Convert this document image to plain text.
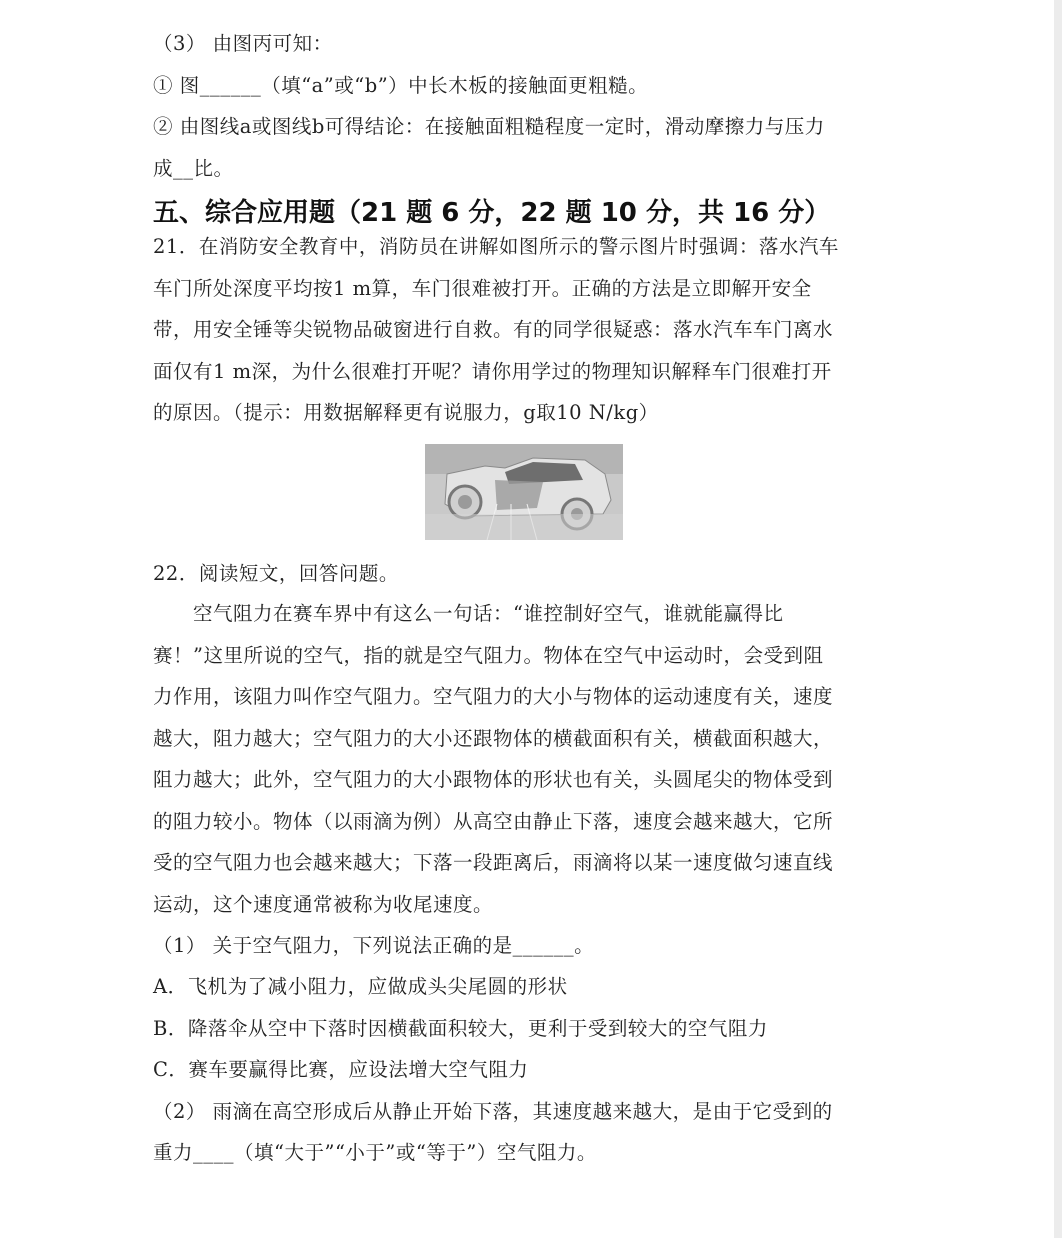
（3） 由图丙可知：
① 图______（填“a”或“b”）中长木板的接触面更粗糙。
② 由图线a或图线b可得结论：在接触面粗糙程度一定时，滑动摩擦力与压力
成__比。
五、综合应用题（21 题 6 分，22 题 10 分，共 16 分）
21．在消防安全教育中，消防员在讲解如图所示的警示图片时强调：落水汽车
车门所处深度平均按1 m算，车门很难被打开。正确的方法是立即解开安全
带，用安全锤等尖锐物品破窗进行自救。有的同学很疑惑：落水汽车车门离水
面仅有1 m深，为什么很难打开呢？请你用学过的物理知识解释车门很难打开
的原因。（提示：用数据解释更有说服力，g取10 N/kg）
22．阅读短文，回答问题。
空气阻力在赛车界中有这么一句话：“谁控制好空气，谁就能赢得比
赛！”这里所说的空气，指的就是空气阻力。物体在空气中运动时，会受到阻
力作用，该阻力叫作空气阻力。空气阻力的大小与物体的运动速度有关，速度
越大，阻力越大；空气阻力的大小还跟物体的横截面积有关，横截面积越大，
阻力越大；此外，空气阻力的大小跟物体的形状也有关，头圆尾尖的物体受到
的阻力较小。物体（以雨滴为例）从高空由静止下落，速度会越来越大，它所
受的空气阻力也会越来越大；下落一段距离后，雨滴将以某一速度做匀速直线
运动，这个速度通常被称为收尾速度。
（1） 关于空气阻力，下列说法正确的是______。
A．飞机为了减小阻力，应做成头尖尾圆的形状
B．降落伞从空中下落时因横截面积较大，更利于受到较大的空气阻力
C．赛车要赢得比赛，应设法增大空气阻力
（2） 雨滴在高空形成后从静止开始下落，其速度越来越大，是由于它受到的
重力____（填“大于”“小于”或“等于”）空气阻力。
